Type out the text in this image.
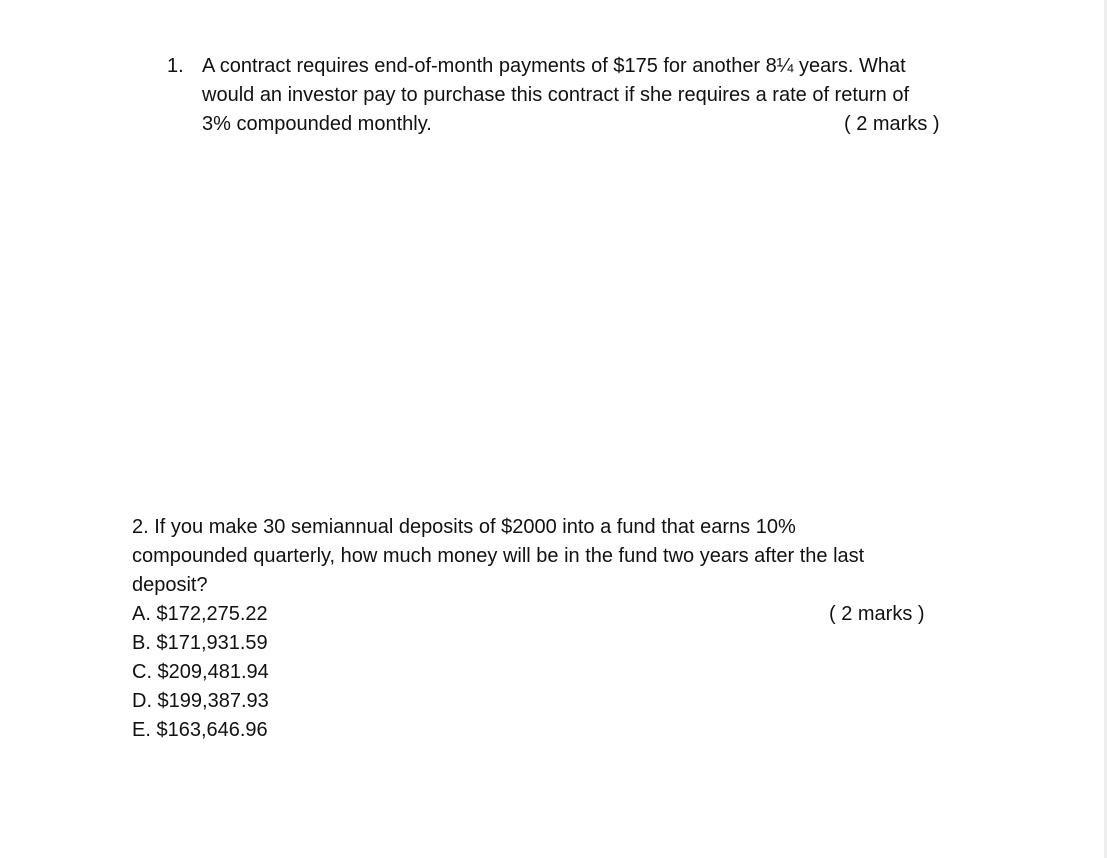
1. A contract requires end-of-month payments of $175 for another 8¼ years. What
would an investor pay to purchase this contract if she requires a rate of return of
3% compounded monthly.	( 2 marks )
2. If you make 30 semiannual deposits of $2000 into a fund that earns 10%
compounded quarterly, how much money will be in the fund two years after the last
deposit?
( 2 marks )
A. $172,275.22
B. $171,931.59
C. $209,481.94
D. $199,387.93
E. $163,646.96
